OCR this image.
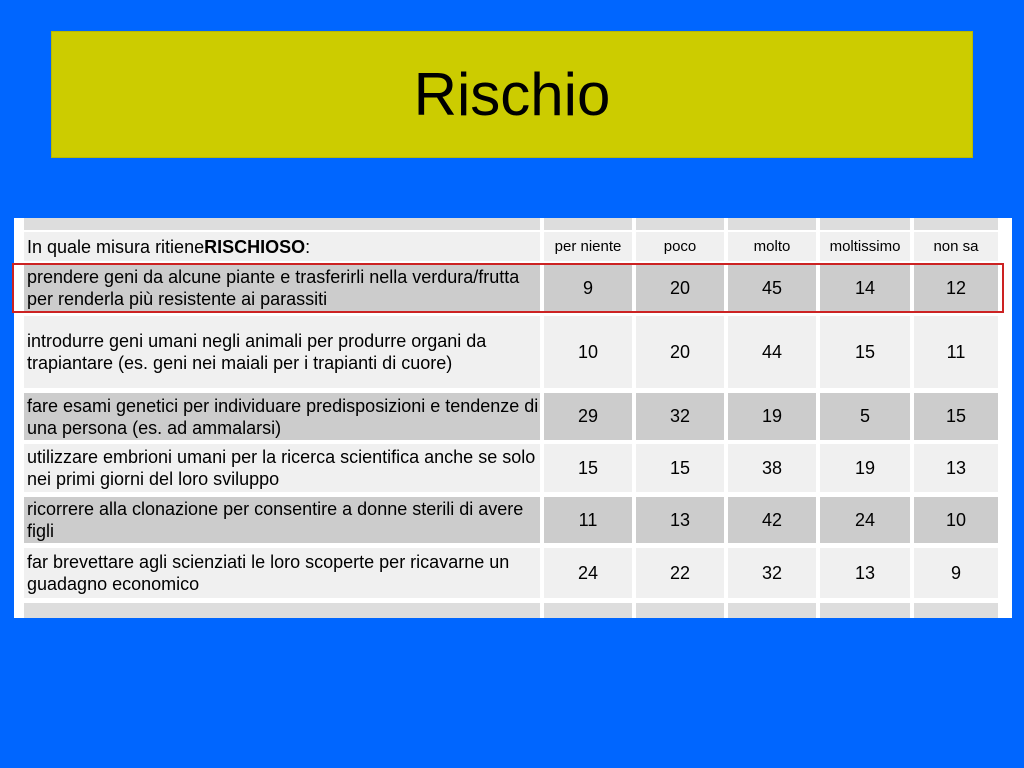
Rischio
In quale misura ritiene RISCHIOSO :	per niente	poco	molto	moltissimo	non sa
prendere geni da alcune piante e trasferirli nella verdura/frutta per renderla più resistente ai parassiti
9	20	45	14	12
introdurre geni umani negli animali per produrre organi da trapiantare (es. geni nei maiali per i trapianti di cuore)
10	20	44	15	11
fare esami genetici per individuare predisposizioni e tendenze di una persona (es. ad ammalarsi)
29	32	19	5	15
utilizzare embrioni umani per la ricerca scientifica anche se solo nei primi giorni del loro sviluppo
15	15	38	19	13
ricorrere alla clonazione per consentire a donne sterili di avere figli
11	13	42	24	10
far brevettare agli scienziati le loro scoperte per ricavarne un guadagno economico
24	22	32	13	9
